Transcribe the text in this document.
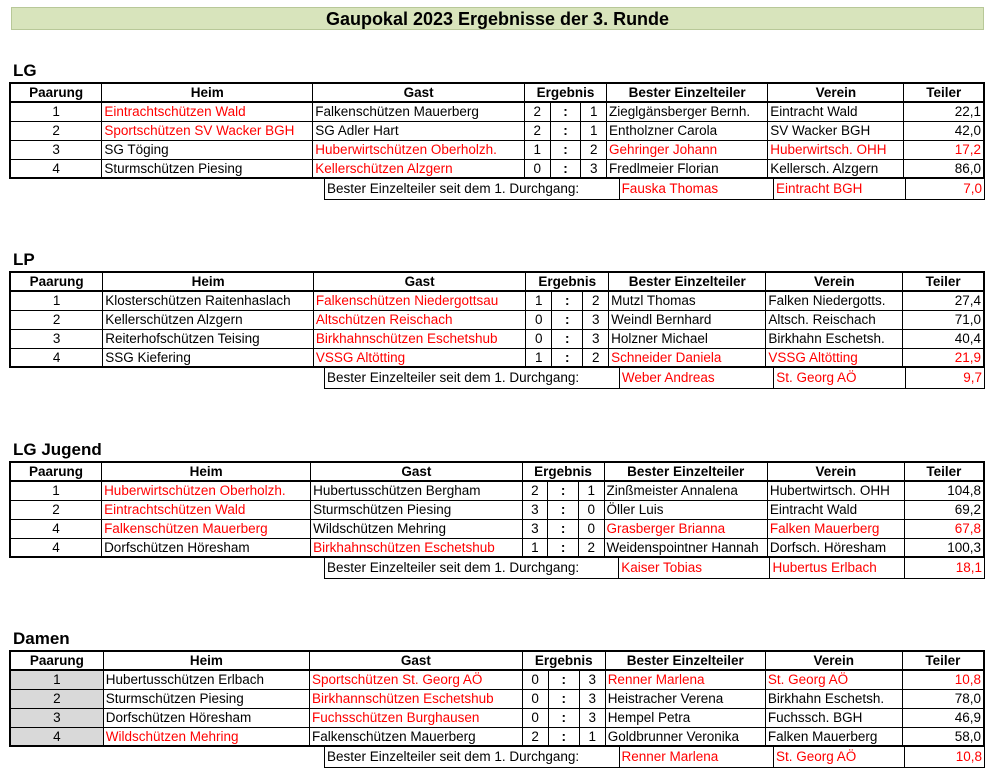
Gaupokal 2023 Ergebnisse der 3. Runde
LG
Paarung	Heim	Gast	Ergebnis			Bester Einzelteiler	Verein	Teiler
1	Eintrachtschützen Wald	Falkenschützen Mauerberg	2	:	1	Zieglgänsberger Bernh.	Eintracht Wald	22,1
2	Sportschützen SV Wacker BGH	SG Adler Hart	2	:	1	Entholzner Carola	SV Wacker BGH	42,0
3	SG Töging	Huberwirtschützen Oberholzh.	1	:	2	Gehringer Johann	Huberwirtsch. OHH	17,2
4	Sturmschützen Piesing	Kellerschützen Alzgern	0	:	3	Fredlmeier Florian	Kellersch. Alzgern	86,0
Bester Einzelteiler seit dem 1. Durchgang:	Fauska Thomas	Eintracht BGH	7,0
LP
Paarung	Heim	Gast	Ergebnis			Bester Einzelteiler	Verein	Teiler
1	Klosterschützen Raitenhaslach	Falkenschützen Niedergottsau	1	:	2	Mutzl Thomas	Falken Niedergotts.	27,4
2	Kellerschützen Alzgern	Altschützen Reischach	0	:	3	Weindl Bernhard	Altsch. Reischach	71,0
3	Reiterhofschützen Teising	Birkhahnschützen Eschetshub	0	:	3	Holzner Michael	Birkhahn Eschetsh.	40,4
4	SSG Kiefering	VSSG Altötting	1	:	2	Schneider Daniela	VSSG Altötting	21,9
Bester Einzelteiler seit dem 1. Durchgang:	Weber Andreas	St. Georg AÖ	9,7
LG Jugend
Paarung	Heim	Gast	Ergebnis			Bester Einzelteiler	Verein	Teiler
1	Huberwirtschützen Oberholzh.	Hubertusschützen Bergham	2	:	1	Zinßmeister Annalena	Hubertwirtsch. OHH	104,8
2	Eintrachtschützen Wald	Sturmschützen Piesing	3	:	0	Öller Luis	Eintracht Wald	69,2
4	Falkenschützen Mauerberg	Wildschützen Mehring	3	:	0	Grasberger Brianna	Falken Mauerberg	67,8
4	Dorfschützen Höresham	Birkhahnschützen Eschetshub	1	:	2	Weidenspointner Hannah	Dorfsch. Höresham	100,3
Bester Einzelteiler seit dem 1. Durchgang:	Kaiser Tobias	Hubertus Erlbach	18,1
Damen
Paarung	Heim	Gast	Ergebnis			Bester Einzelteiler	Verein	Teiler
1	Hubertusschützen Erlbach	Sportschützen St. Georg AÖ	0	:	3	Renner Marlena	St. Georg AÖ	10,8
2	Sturmschützen Piesing	Birkhannschützen Eschetshub	0	:	3	Heistracher Verena	Birkhahn Eschetsh.	78,0
3	Dorfschützen Höresham	Fuchsschützen Burghausen	0	:	3	Hempel Petra	Fuchssch. BGH	46,9
4	Wildschützen Mehring	Falkenschützen Mauerberg	2	:	1	Goldbrunner Veronika	Falken Mauerberg	58,0
Bester Einzelteiler seit dem 1. Durchgang:	Renner Marlena	St. Georg AÖ	10,8
